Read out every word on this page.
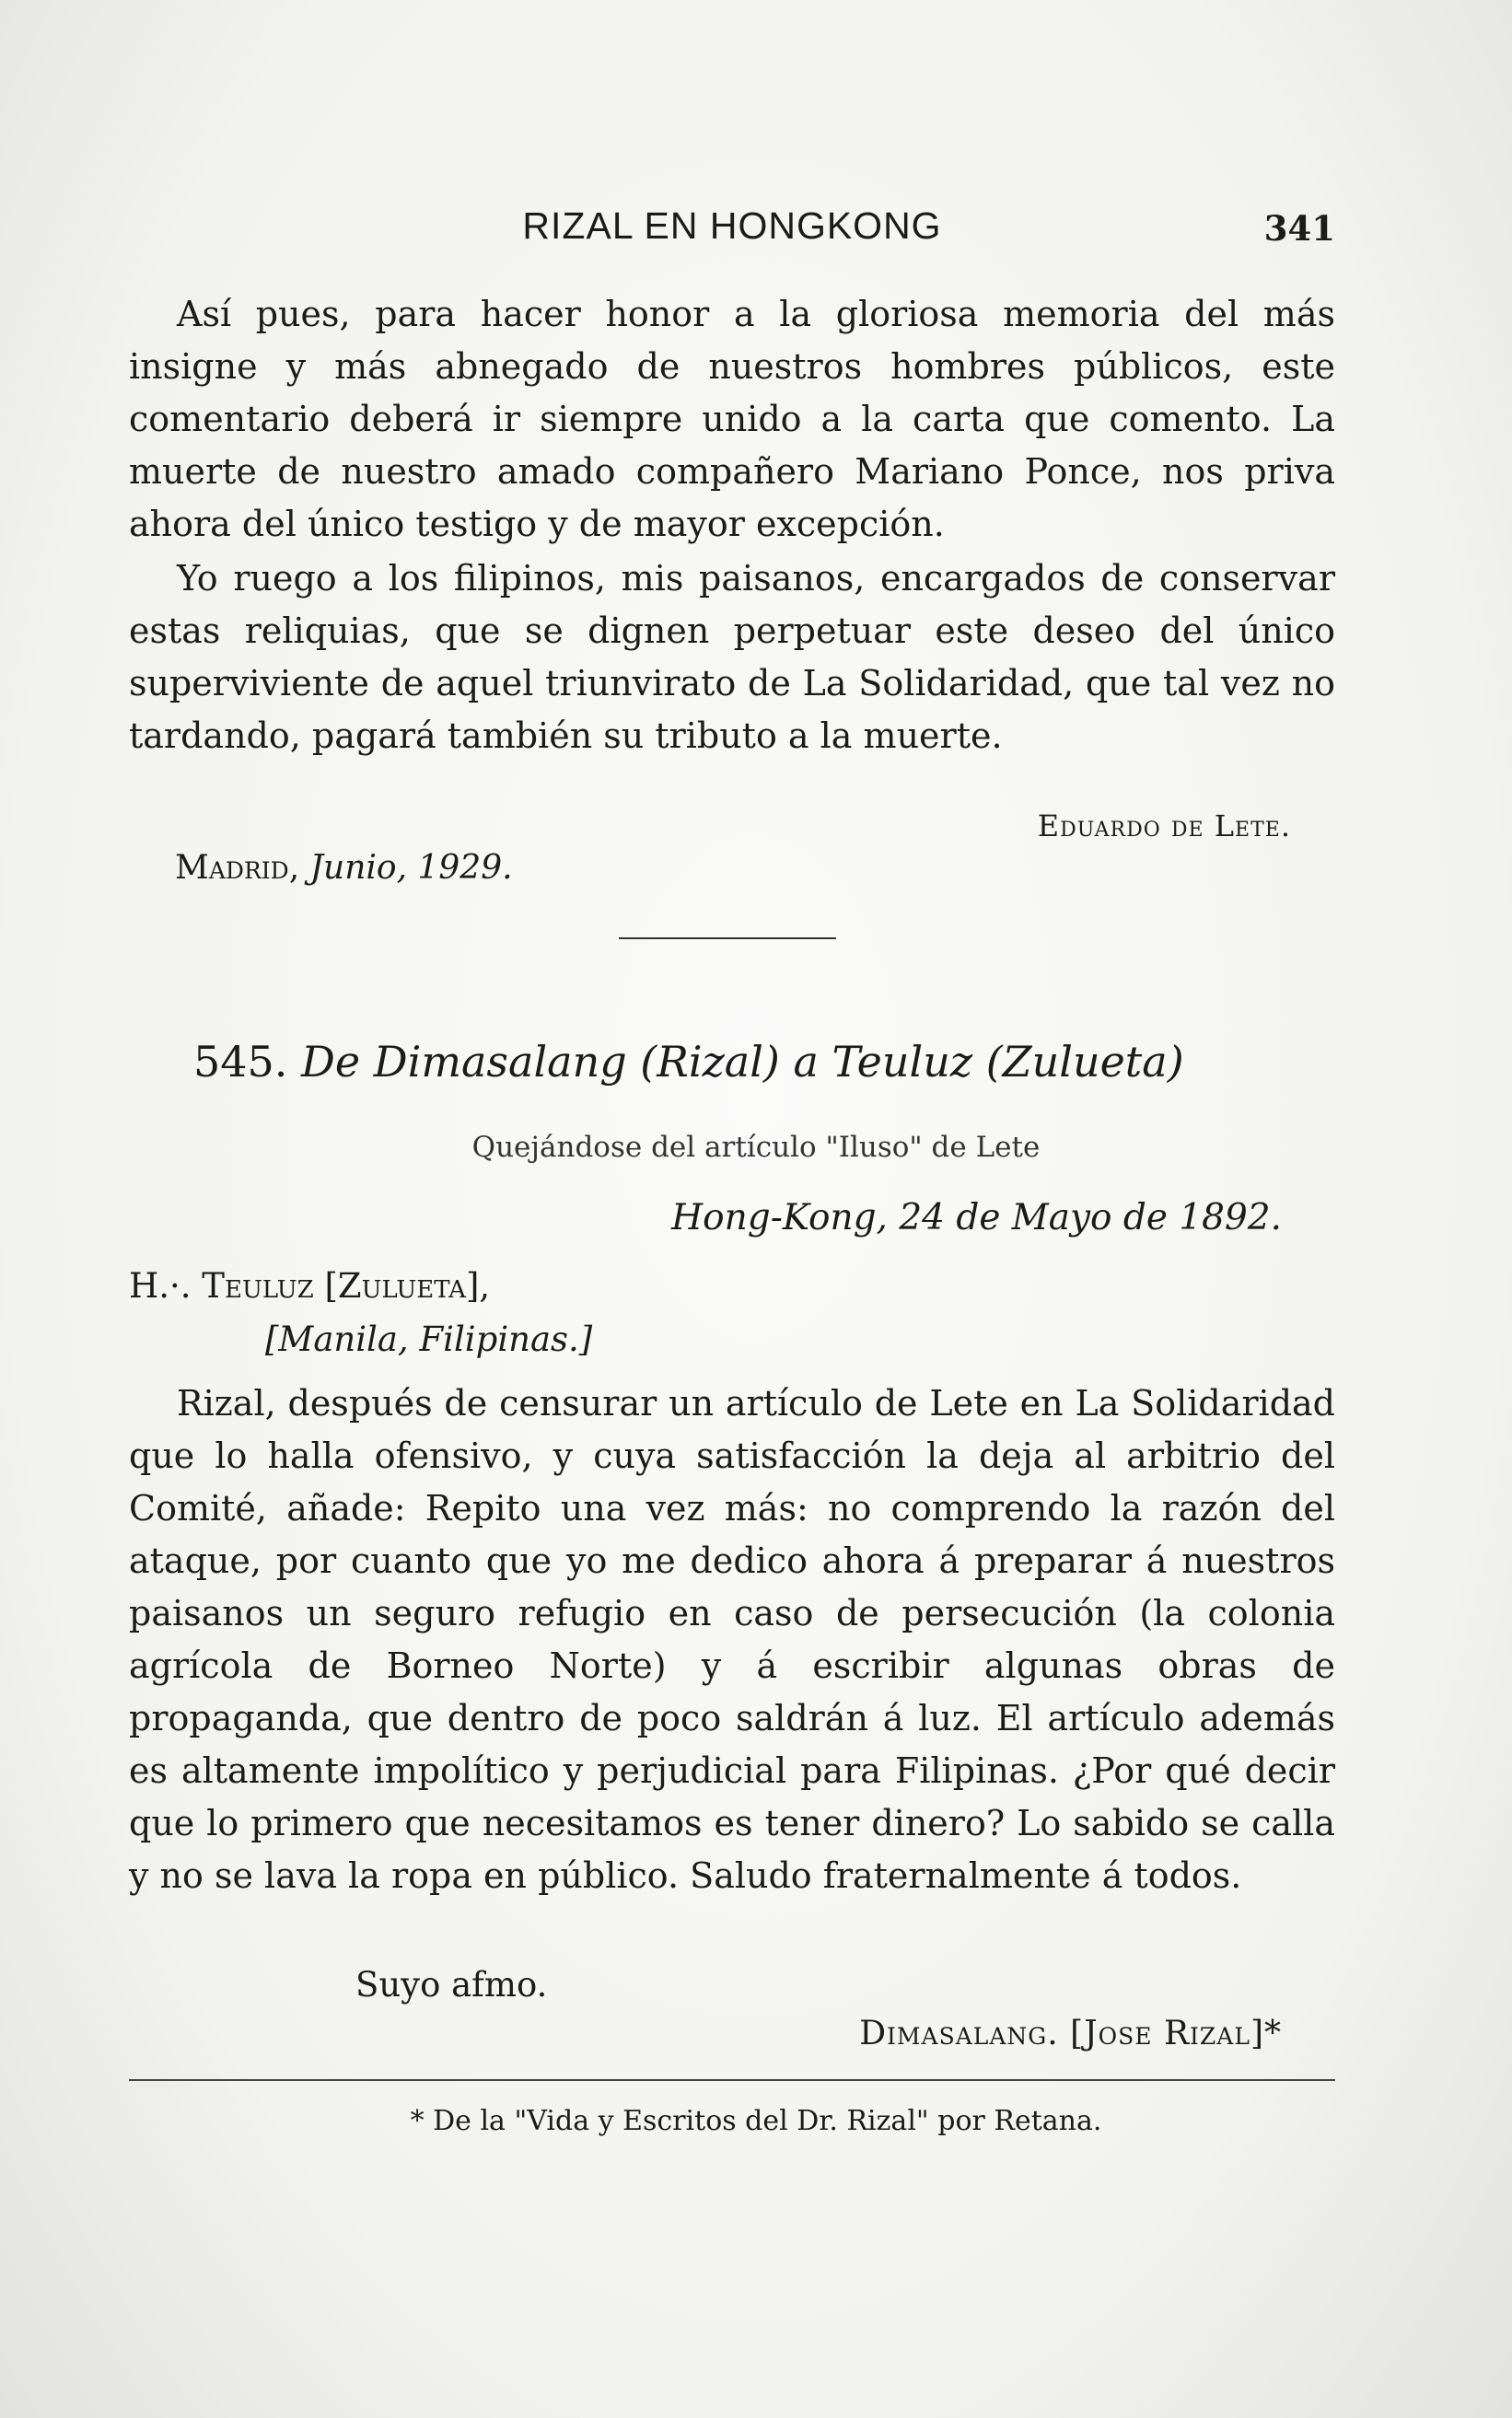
RIZAL EN HONGKONG	341

Así pues, para hacer honor a la gloriosa memoria del más insigne y más abnegado de nuestros hombres públicos, este comentario deberá ir siempre unido a la carta que comento. La muerte de nuestro amado compañero Mariano Ponce, nos priva ahora del único testigo y de mayor excepción.

Yo ruego a los filipinos, mis paisanos, encargados de conservar estas reliquias, que se dignen perpetuar este deseo del único superviviente de aquel triunvirato de La Solidaridad, que tal vez no tardando, pagará también su tributo a la muerte.

Eduardo de Lete.
Madrid, Junio, 1929.
545. De Dimasalang (Rizal) a Teuluz (Zulueta)
Quejándose del artículo "Iluso" de Lete
Hong-Kong, 24 de Mayo de 1892.
H.·. Teuluz [Zulueta],
[Manila, Filipinas.]

Rizal, después de censurar un artículo de Lete en La Solidaridad que lo halla ofensivo, y cuya satisfacción la deja al arbitrio del Comité, añade: Repito una vez más: no comprendo la razón del ataque, por cuanto que yo me dedico ahora á preparar á nuestros paisanos un seguro refugio en caso de persecución (la colonia agrícola de Borneo Norte) y á escribir algunas obras de propaganda, que dentro de poco saldrán á luz. El artículo además es altamente impolítico y perjudicial para Filipinas. ¿Por qué decir que lo primero que necesitamos es tener dinero? Lo sabido se calla y no se lava la ropa en público. Saludo fraternalmente á todos.

Suyo afmo.
Dimasalang. [Jose Rizal]*
* De la "Vida y Escritos del Dr. Rizal" por Retana.
